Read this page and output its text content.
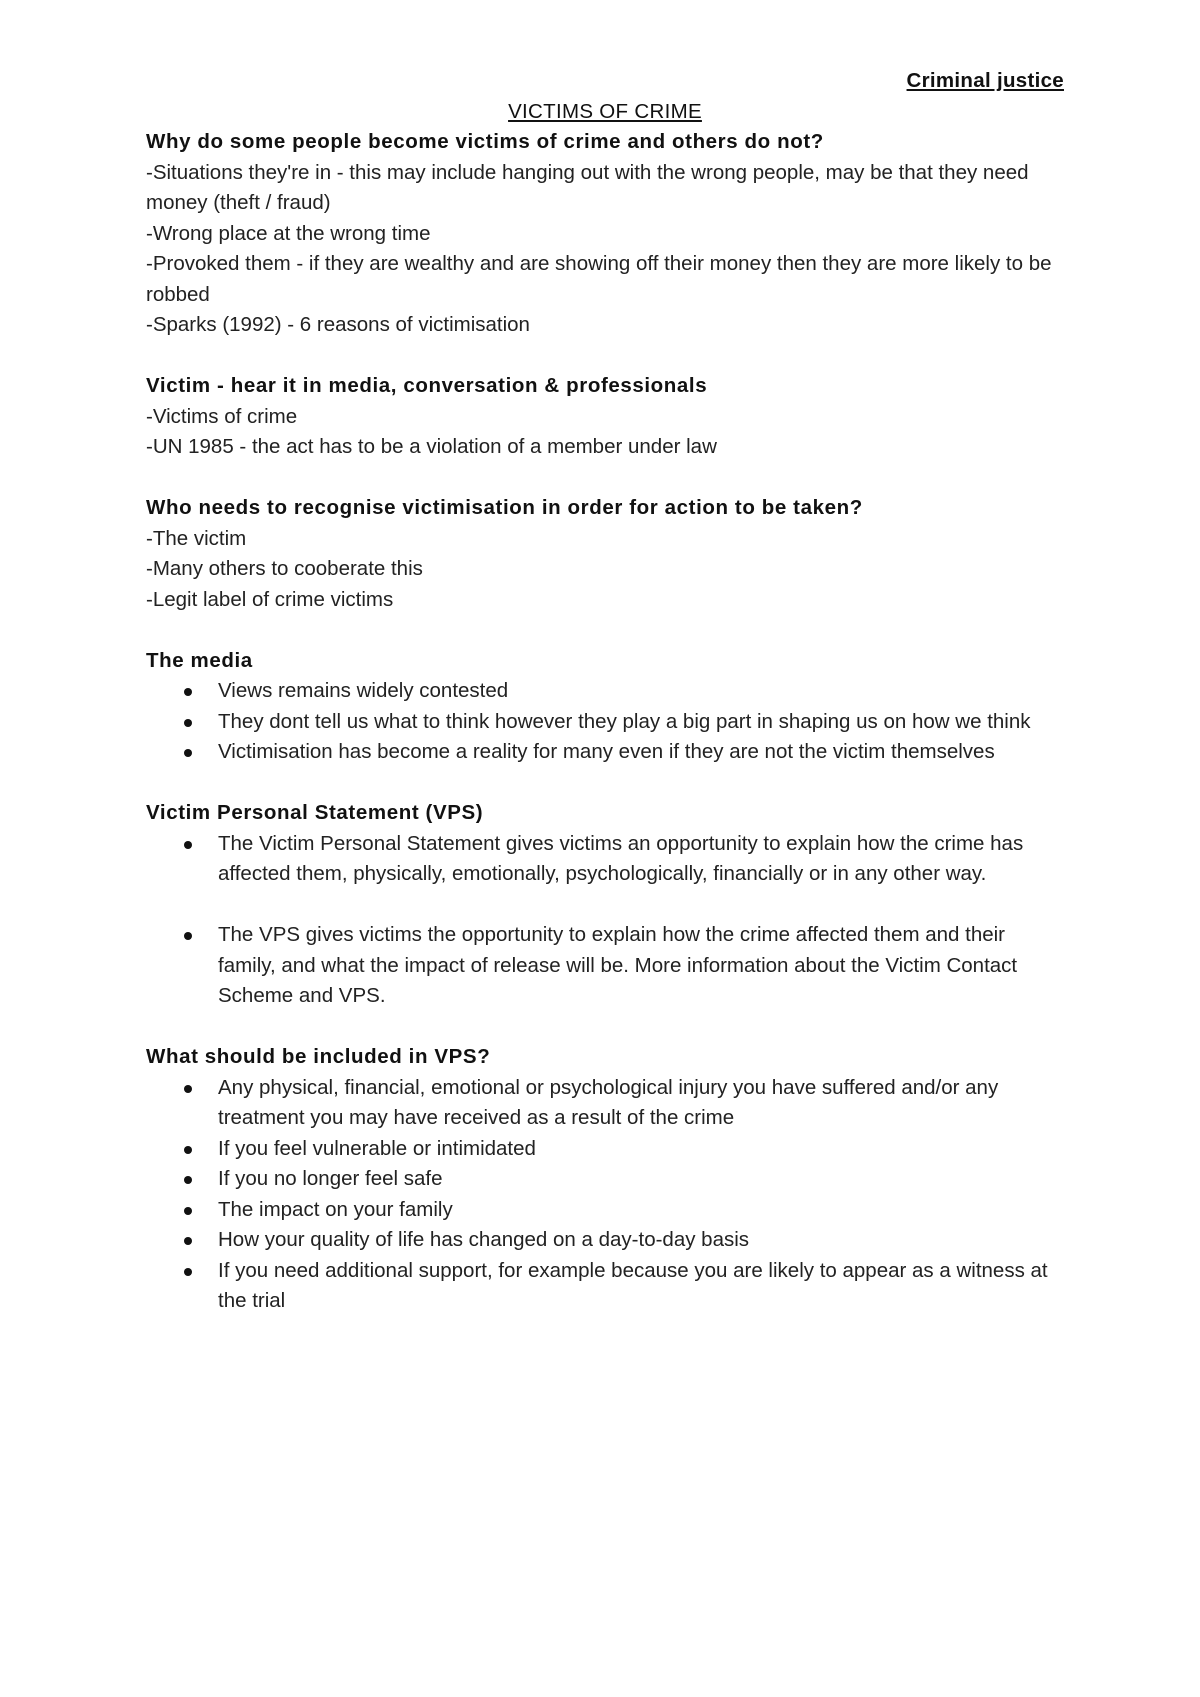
Criminal justice

VICTIMS OF CRIME

Why do some people become victims of crime and others do not?

-Situations they're in - this may include hanging out with the wrong people, may be that they need money (theft / fraud)

-Wrong place at the wrong time

-Provoked them - if they are wealthy and are showing off their money then they are more likely to be robbed

-Sparks (1992) - 6 reasons of victimisation

Victim - hear it in media, conversation & professionals

-Victims of crime

-UN 1985 - the act has to be a violation of a member under law

Who needs to recognise victimisation in order for action to be taken?

-The victim

-Many others to cooberate this

-Legit label of crime victims

The media

Views remains widely contested
They dont tell us what to think however they play a big part in shaping us on how we think
Victimisation has become a reality for many even if they are not the victim themselves

Victim Personal Statement (VPS)

The Victim Personal Statement gives victims an opportunity to explain how the crime has affected them, physically, emotionally, psychologically, financially or in any other way.
The VPS gives victims the opportunity to explain how the crime affected them and their family, and what the impact of release will be. More information about the Victim Contact Scheme and VPS.

What should be included in VPS?

Any physical, financial, emotional or psychological injury you have suffered and/or any treatment you may have received as a result of the crime
If you feel vulnerable or intimidated
If you no longer feel safe
The impact on your family
How your quality of life has changed on a day-to-day basis
If you need additional support, for example because you are likely to appear as a witness at the trial
